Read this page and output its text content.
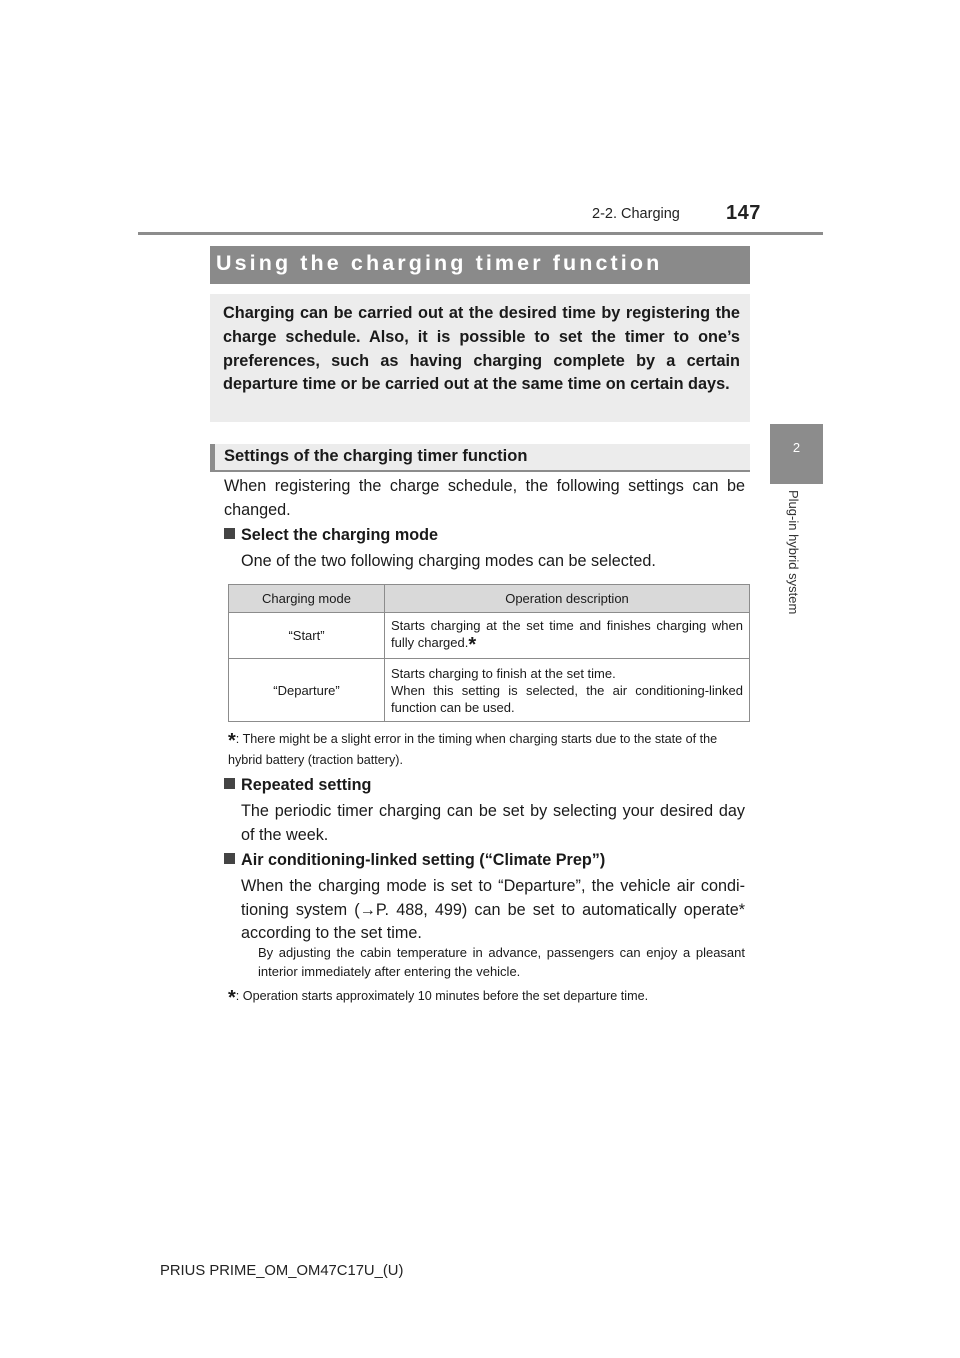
2-2. Charging 147
2
Plug-in hybrid system
Using the charging timer function
Charging can be carried out at the desired time by registering the charge schedule. Also, it is possible to set the timer to one’s preferences, such as having charging complete by a certain departure time or be carried out at the same time on certain days.
Settings of the charging timer function
When registering the charge schedule, the following settings can be changed.
Select the charging mode
One of the two following charging modes can be selected.
Charging mode	Operation description
“Start”	Starts charging at the set time and finishes charging when fully charged.*
“Departure”	Starts charging to finish at the set time.
When this setting is selected, the air conditioning-linked function can be used.
*: There might be a slight error in the timing when charging starts due to the state of the hybrid battery (traction battery).
Repeated setting
The periodic timer charging can be set by selecting your desired day of the week.
Air conditioning-linked setting (“Climate Prep”)
When the charging mode is set to “Departure”, the vehicle air condi-tioning system (→P. 488, 499) can be set to automatically operate* according to the set time.
By adjusting the cabin temperature in advance, passengers can enjoy a pleasant interior immediately after entering the vehicle.
*: Operation starts approximately 10 minutes before the set departure time.
PRIUS PRIME_OM_OM47C17U_(U)
